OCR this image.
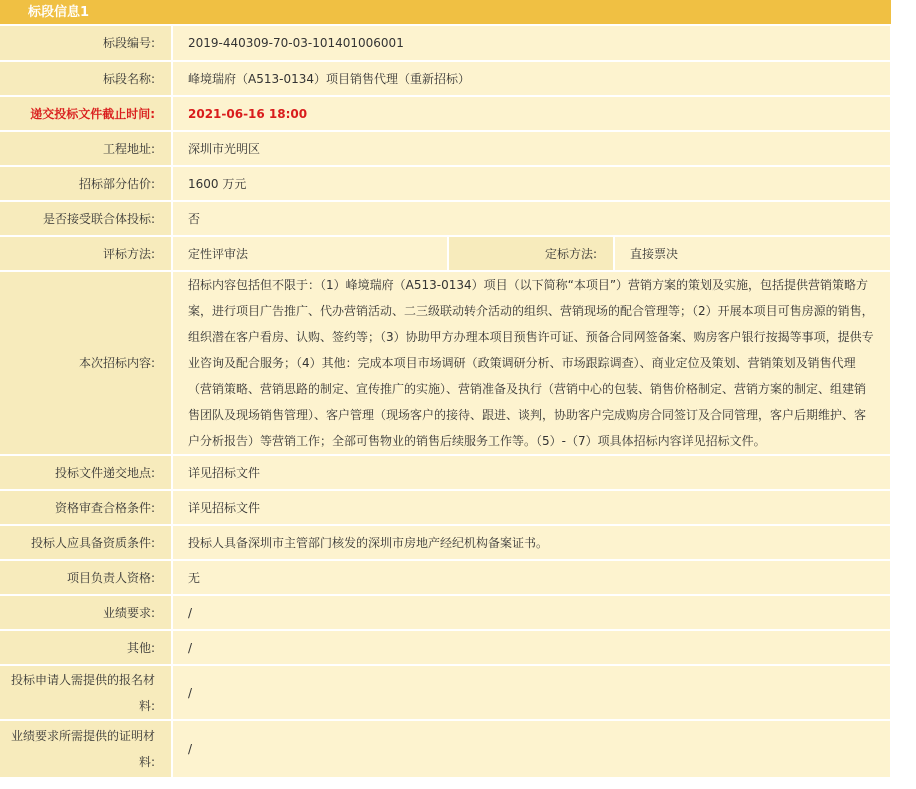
标段信息1
标段编号:	2019-440309-70-03-101401006001		
标段名称:	峰境瑞府（A513-0134）项目销售代理（重新招标）		
递交投标文件截止时间:	2021-06-16 18:00		
工程地址:	深圳市光明区		
招标部分估价:	1600 万元		
是否接受联合体投标:	否		
评标方法:	定性评审法	定标方法:	直接票决
本次招标内容:	招标内容包括但不限于：（1）峰境瑞府（A513-0134）项目（以下简称“本项目”）营销方案的策划及实施，包括提供营销策略方案，进行项目广告推广、代办营销活动、二三级联动转介活动的组织、营销现场的配合管理等；（2）开展本项目可售房源的销售，组织潜在客户看房、认购、签约等；（3）协助甲方办理本项目预售许可证、预备合同网签备案、购房客户银行按揭等事项，提供专业咨询及配合服务；（4）其他：完成本项目市场调研（政策调研分析、市场跟踪调查）、商业定位及策划、营销策划及销售代理（营销策略、营销思路的制定、宣传推广的实施）、营销准备及执行（营销中心的包装、销售价格制定、营销方案的制定、组建销售团队及现场销售管理）、客户管理（现场客户的接待、跟进、谈判，协助客户完成购房合同签订及合同管理，客户后期维护、客户分析报告）等营销工作；全部可售物业的销售后续服务工作等。（5）-（7）项具体招标内容详见招标文件。		
投标文件递交地点:	详见招标文件		
资格审查合格条件:	详见招标文件		
投标人应具备资质条件:	投标人具备深圳市主管部门核发的深圳市房地产经纪机构备案证书。		
项目负责人资格:	无		
业绩要求:	/		
其他:	/		
投标申请人需提供的报名材料:	/		
业绩要求所需提供的证明材料:	/		
